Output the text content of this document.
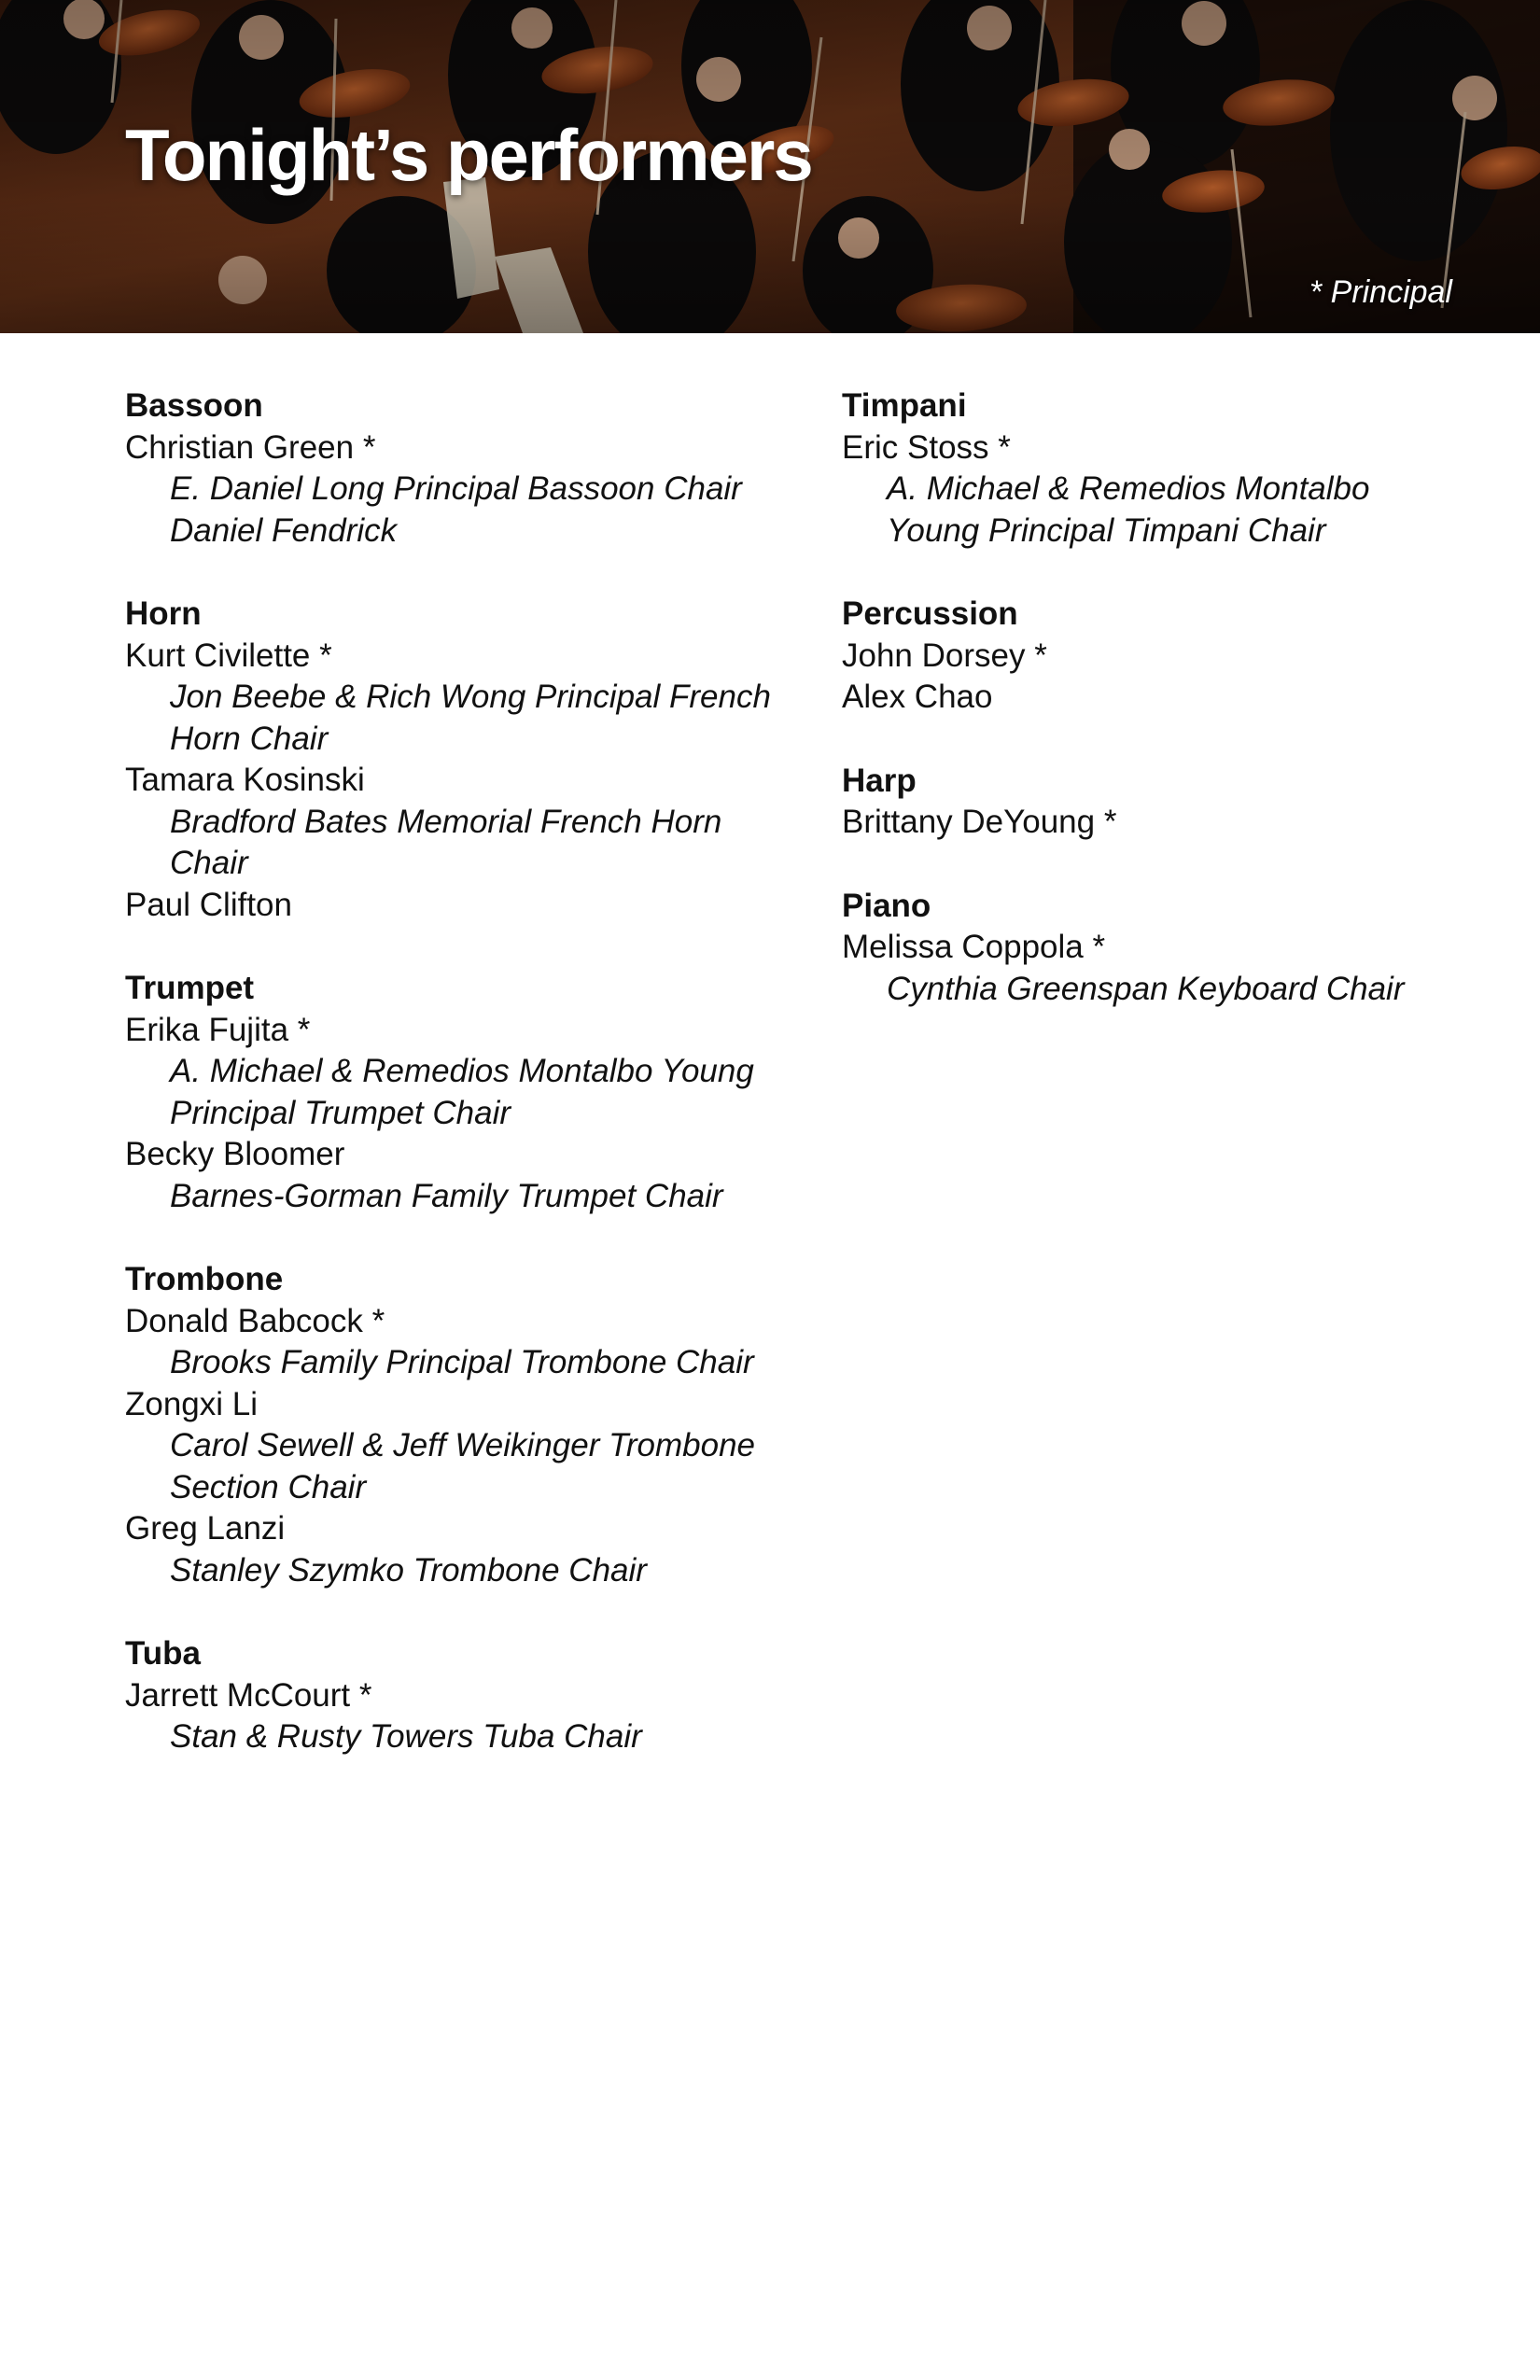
Tonight’s performers
* Principal
Bassoon
Christian Green *
E. Daniel Long Principal Bassoon Chair Daniel Fendrick
Horn
Kurt Civilette *
Jon Beebe & Rich Wong Principal French Horn Chair
Tamara Kosinski
Bradford Bates Memorial French Horn Chair
Paul Clifton
Trumpet
Erika Fujita *
A. Michael & Remedios Montalbo Young Principal Trumpet Chair
Becky Bloomer
Barnes-Gorman Family Trumpet Chair
Trombone
Donald Babcock *
Brooks Family Principal Trombone Chair
Zongxi Li
Carol Sewell & Jeff Weikinger Trombone Section Chair
Greg Lanzi
Stanley Szymko Trombone Chair
Tuba
Jarrett McCourt *
Stan & Rusty Towers Tuba Chair
Timpani
Eric Stoss *
A. Michael & Remedios Montalbo Young Principal Timpani Chair
Percussion
John Dorsey *
Alex Chao
Harp
Brittany DeYoung *
Piano
Melissa Coppola *
Cynthia Greenspan Keyboard Chair
